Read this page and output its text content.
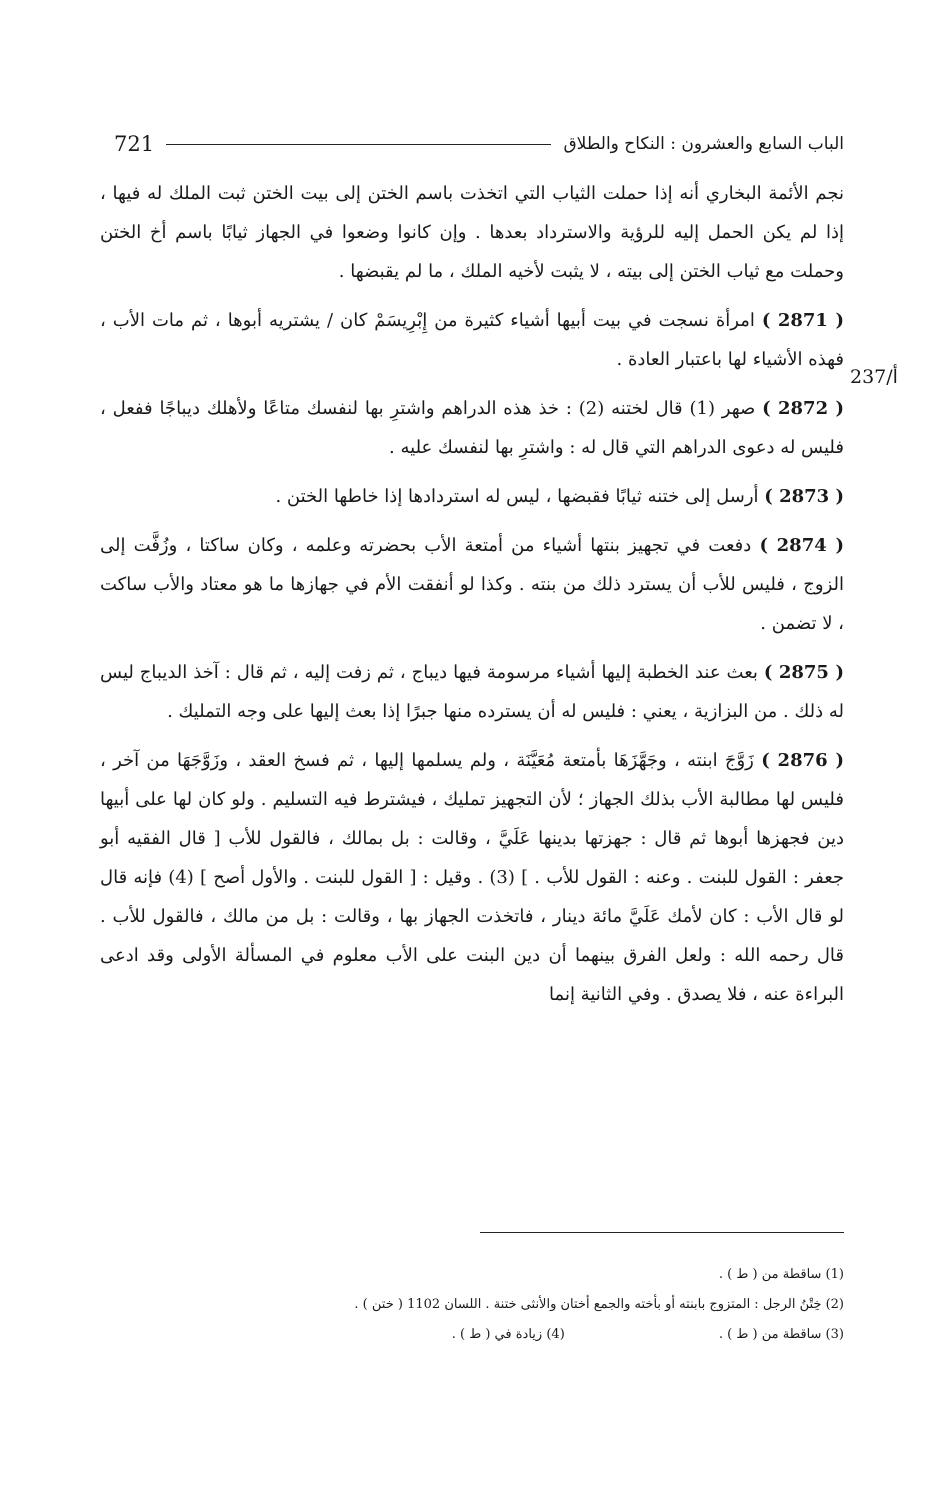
721	الباب السابع والعشرون : النكاح والطلاق
237/أ

نجم الأئمة البخاري أنه إذا حملت الثياب التي اتخذت باسم الختن إلى بيت الختن ثبت الملك له فيها ، إذا لم يكن الحمل إليه للرؤية والاسترداد بعدها . وإن كانوا وضعوا في الجهاز ثيابًا باسم أخ الختن وحملت مع ثياب الختن إلى بيته ، لا يثبت لأخيه الملك ، ما لم يقبضها .

( 2871 ) امرأة نسجت في بيت أبيها أشياء كثيرة من إِبْرِيسَمْ كان / يشتريه أبوها ، ثم مات الأب ، فهذه الأشياء لها باعتبار العادة .

( 2872 ) صهر (1) قال لختنه (2) : خذ هذه الدراهم واشترِ بها لنفسك متاعًا ولأهلك ديباجًا ففعل ، فليس له دعوى الدراهم التي قال له : واشترِ بها لنفسك عليه .

( 2873 ) أرسل إلى ختنه ثيابًا فقبضها ، ليس له استردادها إذا خاطها الختن .

( 2874 ) دفعت في تجهيز بنتها أشياء من أمتعة الأب بحضرته وعلمه ، وكان ساكتا ، وزُفَّت إلى الزوج ، فليس للأب أن يسترد ذلك من بنته . وكذا لو أنفقت الأم في جهازها ما هو معتاد والأب ساكت ، لا تضمن .

( 2875 ) بعث عند الخطبة إليها أشياء مرسومة فيها ديباج ، ثم زفت إليه ، ثم قال : آخذ الديباج ليس له ذلك . من البزازية ، يعني : فليس له أن يسترده منها جبرًا إذا بعث إليها على وجه التمليك .

( 2876 ) زَوَّجَ ابنته ، وجَهَّزَهَا بأمتعة مُعَيَّنَة ، ولم يسلمها إليها ، ثم فسخ العقد ، وزَوَّجَهَا من آخر ، فليس لها مطالبة الأب بذلك الجهاز ؛ لأن التجهيز تمليك ، فيشترط فيه التسليم . ولو كان لها على أبيها دين فجهزها أبوها ثم قال : جهزتها بدينها عَلَيَّ ، وقالت : بل بمالك ، فالقول للأب [ قال الفقيه أبو جعفر : القول للبنت . وعنه : القول للأب . ] (3) . وقيل : [ القول للبنت . والأول أصح ] (4) فإنه قال لو قال الأب : كان لأمك عَلَيَّ مائة دينار ، فاتخذت الجهاز بها ، وقالت : بل من مالك ، فالقول للأب . قال رحمه الله : ولعل الفرق بينهما أن دين البنت على الأب معلوم في المسألة الأولى وقد ادعى البراءة عنه ، فلا يصدق . وفي الثانية إنما

(1) ساقطة من ( ط ) .
(2) خِتْنُ الرجل : المتزوج بابنته أو بأخته والجمع أختان والأنثى ختنة . اللسان 1102 ( ختن ) .
(3) ساقطة من ( ط ) . (4) زيادة في ( ط ) .
